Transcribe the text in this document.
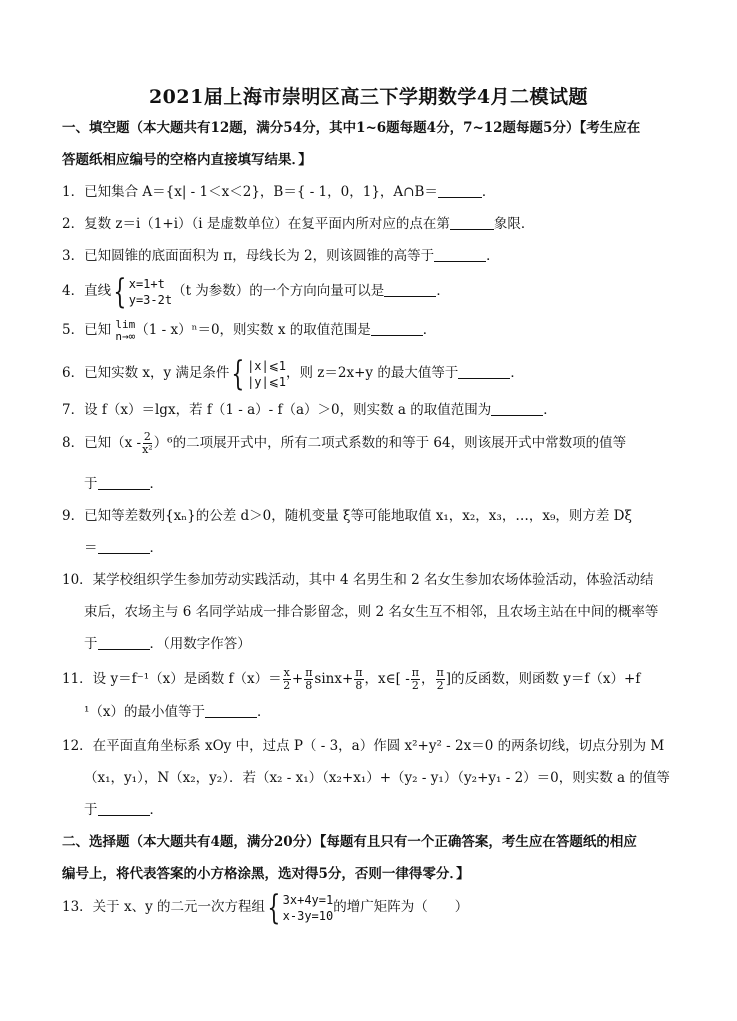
2021届上海市崇明区高三下学期数学4月二模试题
一、填空题（本大题共有12题，满分54分，其中1~6题每题4分，7~12题每题5分）【考生应在
答题纸相应编号的空格内直接填写结果．】
1．已知集合 A＝{x| - 1＜x＜2}，B＝{ - 1，0，1}，A∩B＝	．
2．复数 z＝i（1+i）（i 是虚数单位）在复平面内所对应的点在第	象限．
3．已知圆锥的底面面积为 π，母线长为 2，则该圆锥的高等于	．
4．直线{ x=1+t
y=3-2t
（t 为参数）的一个方向向量可以是	．
5．已知 lim
n→∞ （1 - x）ⁿ＝0，则实数 x 的取值范围是	．
6．已知实数 x，y 满足条件{ |x|⩽1
|y|⩽1
，则 z＝2x+y 的最大值等于	．
7．设 f（x）＝lgx，若 f（1 - a）- f（a）＞0，则实数 a 的取值范围为	．
8．已知$(x - \frac{2}{\text{x²}} )^6$的二项展开式中，所有二项式系数的和等于 64，则该展开式中常数项的值等
于	．
9．已知等差数列{xₙ}的公差 d＞0，随机变量 ξ等可能地取值 x₁，x₂，x₃，…，x₉，则方差 Dξ
＝	．
10．某学校组织学生参加劳动实践活动，其中 4 名男生和 2 名女生参加农场体验活动，体验活动结
束后，农场主与 6 名同学站成一排合影留念，则 2 名女生互不相邻，且农场主站在中间的概率等
于	．（用数字作答）
11．设 y＝f⁻¹（x）是函数 $f(x)= \frac{x}{2} + \frac{\pi}{8} \sin x+ \frac{\pi}{8}$ ，x∈[ - $\frac{\pi}{2}$ ， $\frac{\pi}{2}$ ]的反函数，则函数 y＝f（x）+f
¹（x）的最小值等于	．
12．在平面直角坐标系 xOy 中，过点 P（ - 3，a）作圆 x²+y² - 2x＝0 的两条切线，切点分别为 M
（x₁，y₁），N（x₂，y₂）．若（x₂ - x₁）（x₂+x₁）+（y₂ - y₁）（y₂+y₁ - 2）＝0，则实数 a 的值等
于	．
二、选择题（本大题共有4题，满分20分）【每题有且只有一个正确答案，考生应在答题纸的相应
编号上，将代表答案的小方格涂黑，选对得5分，否则一律得零分．】
13．关于 x、y 的二元一次方程组{ 3x+4y=1
x-3y=10
的增广矩阵为（　　）
